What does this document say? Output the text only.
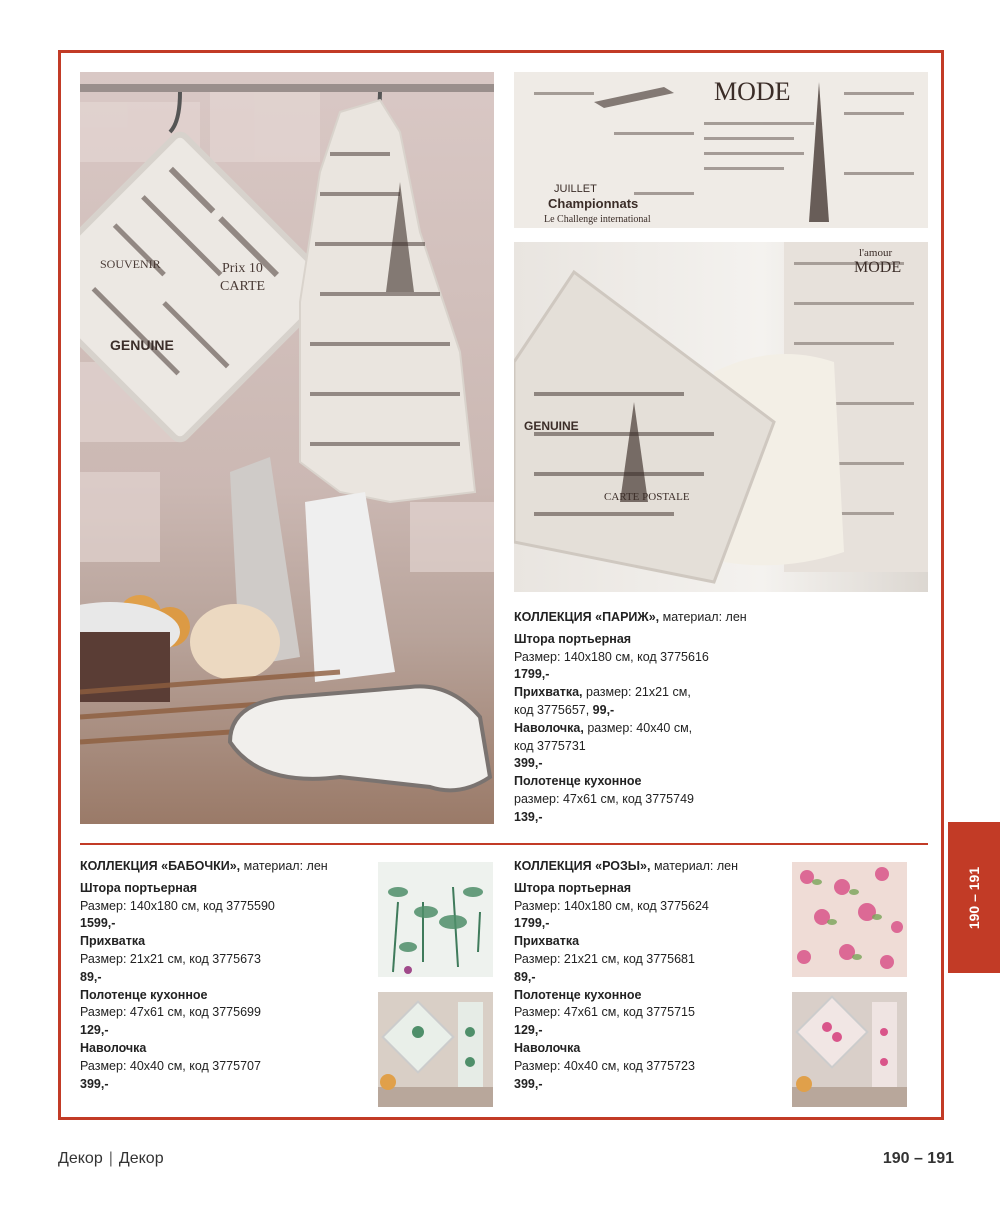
Prix 10
CARTE
GENUINE
SOUVENIR
MODE
Championnats
JUILLET
Le Challenge international
l'amour
MODE
CARTE POSTALE
GENUINE
КОЛЛЕКЦИЯ «ПАРИЖ», материал: лен
Штора портьерная
Размер: 140х180 см, код 3775616
1799,-
Прихватка, размер: 21х21 см,
код 3775657, 99,-
Наволочка, размер: 40х40 см,
код 3775731
399,-
Полотенце кухонное
размер: 47х61 см, код 3775749
139,-
КОЛЛЕКЦИЯ «БАБОЧКИ», материал: лен
Штора портьерная
Размер: 140х180 см, код 3775590
1599,-
Прихватка
Размер: 21х21 см, код 3775673
89,-
Полотенце кухонное
Размер: 47х61 см, код 3775699
129,-
Наволочка
Размер: 40х40 см, код 3775707
399,-
КОЛЛЕКЦИЯ «РОЗЫ», материал: лен
Штора портьерная
Размер: 140х180 см, код 3775624
1799,-
Прихватка
Размер: 21х21 см, код 3775681
89,-
Полотенце кухонное
Размер: 47х61 см, код 3775715
129,-
Наволочка
Размер: 40х40 см, код 3775723
399,-
190 – 191
Декор | Декор	190 – 191
